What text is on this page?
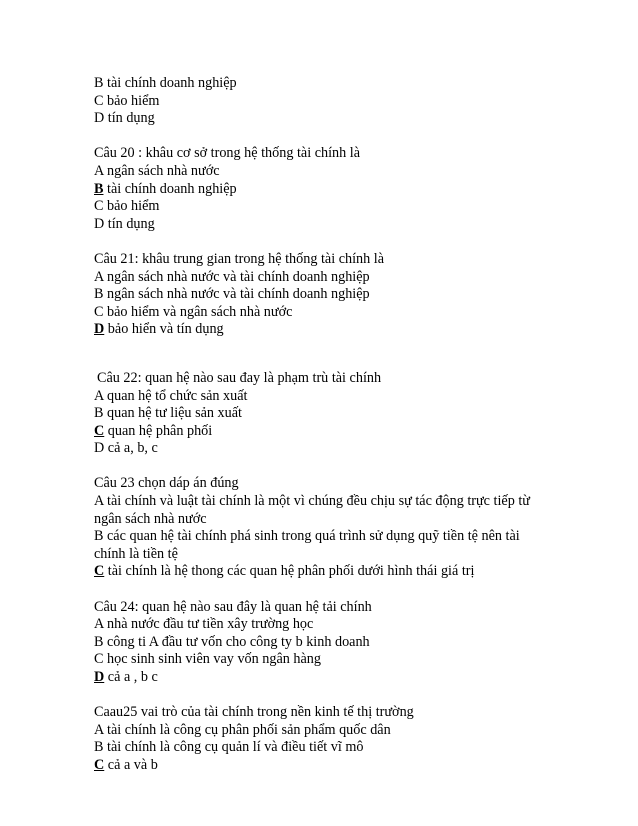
B tài chính doanh nghiệp
C bảo hiểm
D tín dụng
Câu 20 : khâu cơ sở trong hệ thống tài chính là
A ngân sách nhà nước
B tài chính doanh nghiệp
C bảo hiểm
D tín dụng
Câu 21: khâu trung gian trong hệ thống tài chính là
A ngân sách nhà nước và tài chính doanh nghiệp
B ngân sách nhà nước và tài chính doanh nghiệp
C bảo hiểm và ngân sách nhà nước
D bảo hiển và tín dụng
Câu 22: quan hệ nào sau đay là phạm trù tài chính
A quan hệ tổ chức sản xuất
B quan hệ tư liệu sản xuất
C quan hệ phân phối
D cả a, b, c
Câu 23 chọn dáp án đúng
A tài chính và luật tài chính là một vì chúng đều chịu sự tác động trực tiếp từ
ngân sách nhà nước
B các quan hệ tài chính phá sinh trong quá trình sử dụng quỹ tiền tệ nên tài
chính là tiền tệ
C tài chính là hệ thong các quan hệ phân phối dưới hình thái giá trị
Câu 24: quan hệ nào sau đây là quan hệ tải chính
A nhà nước đầu tư tiền xây trường học
B công ti A đầu tư vốn cho công ty b kinh doanh
C học sinh sinh viên vay vốn ngân hàng
D cả a , b c
Caau25 vai trò của tài chính trong nền kinh tế thị trường
A tài chính là công cụ phân phối sản phẩm quốc dân
B tài chính là công cụ quản lí và điều tiết vĩ mô
C cả a và b
